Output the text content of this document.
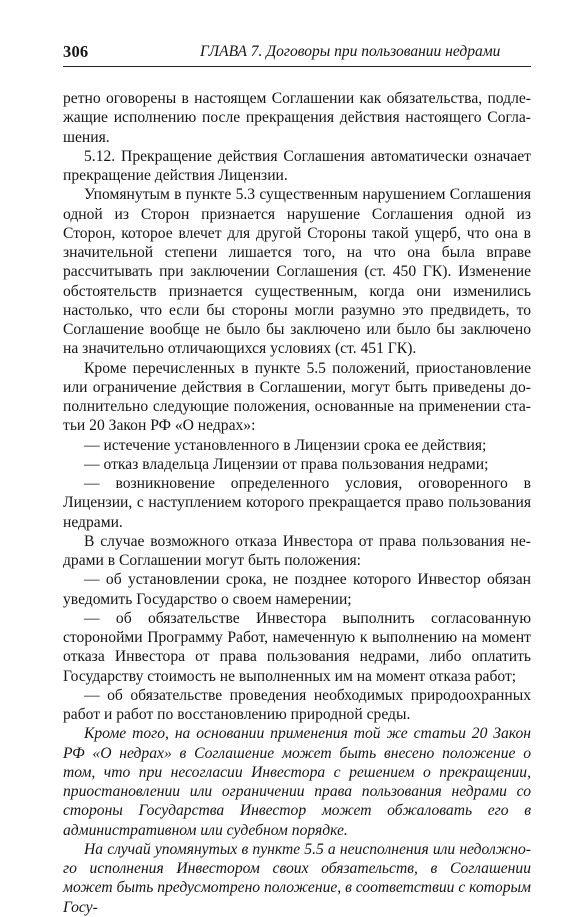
306	ГЛАВА 7. Договоры при пользовании недрами

ретно оговорены в настоящем Соглашении как обязательства, подлежащие исполнению после прекращения действия настоящего Соглашения.

5.12. Прекращение действия Соглашения автоматически означает прекращение действия Лицензии.

Упомянутым в пункте 5.3 существенным нарушением Соглашения одной из Сторон признается нарушение Соглашения одной из Сторон, которое влечет для другой Стороны такой ущерб, что она в значительной степени лишается того, на что она была вправе рассчитывать при заключении Соглашения (ст. 450 ГК). Изменение обстоятельств признается существенным, когда они изменились настолько, что если бы стороны могли разумно это предвидеть, то Соглашение вообще не было бы заключено или было бы заключено на значительно отличающихся условиях (ст. 451 ГК).

Кроме перечисленных в пункте 5.5 положений, приостановление или ограничение действия в Соглашении, могут быть приведены дополнительно следующие положения, основанные на применении статьи 20 Закон РФ «О недрах»:

— истечение установленного в Лицензии срока ее действия;

— отказ владельца Лицензии от права пользования недрами;

— возникновение определенного условия, оговоренного в Лицензии, с наступлением которого прекращается право пользования недрами.

В случае возможного отказа Инвестора от права пользования недрами в Соглашении могут быть положения:

— об установлении срока, не позднее которого Инвестор обязан уведомить Государство о своем намерении;

— об обязательстве Инвестора выполнить согласованную сторонойми Программу Работ, намеченную к выполнению на момент отказа Инвестора от права пользования недрами, либо оплатить Государству стоимость не выполненных им на момент отказа работ;

— об обязательстве проведения необходимых природоохранных работ и работ по восстановлению природной среды.

Кроме того, на основании применения той же статьи 20 Закон РФ «О недрах» в Соглашение может быть внесено положение о том, что при несогласии Инвестора с решением о прекращении, приостановлении или ограничении права пользования недрами со стороны Государства Инвестор может обжаловать его в административном или судебном порядке.

На случай упомянутых в пункте 5.5 а неисполнения или недолжного исполнения Инвестором своих обязательств, в Соглашении может быть предусмотрено положение, в соответствии с которым Госу-
